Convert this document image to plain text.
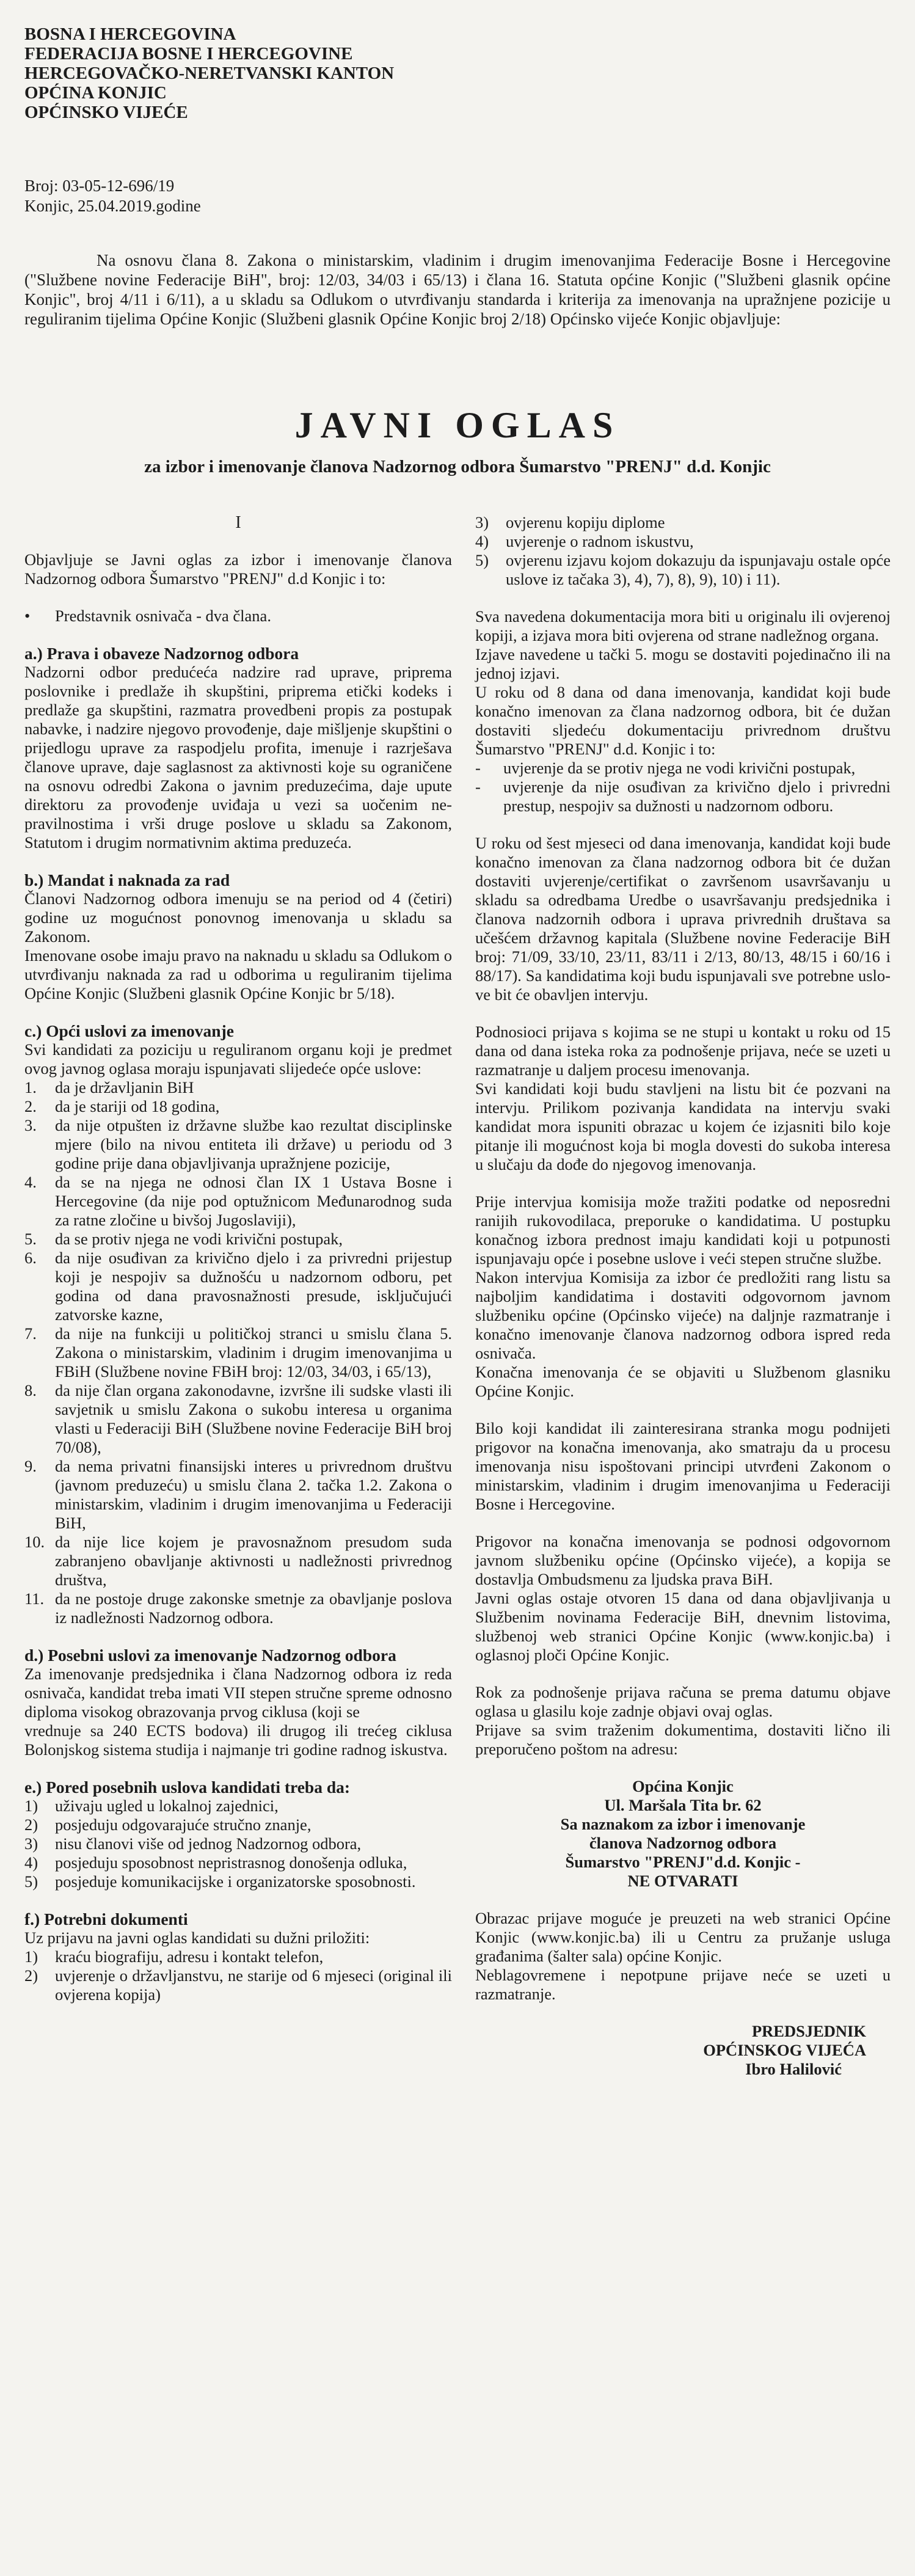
BOSNA I HERCEGOVINA
FEDERACIJA BOSNE I HERCEGOVINE
HERCEGOVAČKO-NERETVANSKI KANTON
OPĆINA KONJIC
OPĆINSKO VIJEĆE
Broj: 03-05-12-696/19
Konjic, 25.04.2019.godine
Na osnovu člana 8. Zakona o ministarskim, vladinim i drugim imenovanjima Federacije Bosne i Hercegovine ("Službene novine Federacije BiH", broj: 12/03, 34/03 i 65/13) i člana 16. Statuta općine Konjic ("Službeni glasnik općine Konjic", broj 4/11 i 6/11), a u skladu sa Odlukom o utvrđivanju standarda i kriterija za imenovanja na upražnjene pozicije u reguliranim tijelima Općine Konjic (Službeni glasnik Općine Konjic broj 2/18) Općinsko vijeće Konjic objavljuje:
JAVNI OGLAS
za izbor i imenovanje članova Nadzornog odbora Šumarstvo "PRENJ" d.d. Konjic
I

Objavljuje se Javni oglas za izbor i imenovanje članova Nadzornog odbora Šumarstvo "PRENJ" d.d Konjic i to:

•	Predstavnik osnivača - dva člana.

a.) Prava i obaveze Nadzornog odbora

Nadzorni odbor predućeća nadzire rad uprave, priprema poslovnike i predlaže ih skupštini, priprema etički kodeks i predlaže ga skupštini, razmatra provedbeni propis za postupak nabavke, i nadzire njegovo provođenje, daje mišljenje skupštini o prijedlogu uprave za raspodjelu profita, imenuje i razrješava članove uprave, daje saglasnost za aktivnosti koje su ograničene na osnovu odredbi Zakona o javnim preduzećima, daje upute direktoru za provođenje uviđaja u vezi sa uočenim nepravilnostima i vrši druge poslove u skladu sa Zakonom, Statutom i drugim normativnim aktima preduzeća.

b.) Mandat i naknada za rad

Članovi Nadzornog odbora imenuju se na period od 4 (četiri) godine uz mogućnost ponovnog imenovanja u skladu sa Zakonom.

Imenovane osobe imaju pravo na naknadu u skladu sa Odlukom o utvrđivanju naknada za rad u odborima u reguliranim tijelima Općine Konjic (Službeni glasnik Općine Konjic br 5/18).

c.) Opći uslovi za imenovanje

Svi kandidati za poziciju u reguliranom organu koji je predmet ovog javnog oglasa moraju ispunjavati slijedeće opće uslove:

1.	da je državljanin BiH
2.	da je stariji od 18 godina,
3.	da nije otpušten iz državne službe kao rezultat disciplinske mjere (bilo na nivou entiteta ili države) u periodu od 3 godine prije dana objavljivanja upražnjene pozicije,
4.	da se na njega ne odnosi član IX 1 Ustava Bosne i Hercegovine (da nije pod optužnicom Međunarodnog suda za ratne zločine u bivšoj Jugoslaviji),
5.	da se protiv njega ne vodi krivični postupak,
6.	da nije osuđivan za krivično djelo i za privredni prijestup koji je nespojiv sa dužnošću u nadzornom odboru, pet godina od dana pravosnažnosti presude, isključujući zatvorske kazne,
7.	da nije na funkciji u političkoj stranci u smislu člana 5. Zakona o ministarskim, vladinim i drugim imenovanjima u FBiH (Službene novine FBiH broj: 12/03, 34/03, i 65/13),
8.	da nije član organa zakonodavne, izvršne ili sudske vlasti ili savjetnik u smislu Zakona o sukobu interesa u organima vlasti u Federaciji BiH (Službene novine Federacije BiH broj 70/08),
9.	da nema privatni finansijski interes u privrednom društvu (javnom preduzeću) u smislu člana 2. tačka 1.2. Zakona o ministarskim, vladinim i drugim imenovanjima u Federaciji BiH,
10. da nije lice kojem je pravosnažnom presudom suda zabranjeno obavljanje aktivnosti u nadležnosti privrednog društva,
11. da ne postoje druge zakonske smetnje za obavljanje poslova iz nadležnosti Nadzornog odbora.

d.) Posebni uslovi za imenovanje Nadzornog odbora

Za imenovanje predsjednika i člana Nadzornog odbora iz reda osnivača, kandidat treba imati VII stepen stručne spreme odnosno diploma visokog obrazovanja prvog ciklusa (koji se

vrednuje sa 240 ECTS bodova) ili drugog ili trećeg ciklusa Bolonjskog sistema studija i najmanje tri godine radnog iskustva.

e.) Pored posebnih uslova kandidati treba da:

1)	uživaju ugled u lokalnoj zajednici,
2)	posjeduju odgovarajuće stručno znanje,
3)	nisu članovi više od jednog Nadzornog odbora,
4)	posjeduju sposobnost nepristrasnog donošenja odluka,
5)	posjeduje komunikacijske i organizatorske sposobnosti.

f.) Potrebni dokumenti

Uz prijavu na javni oglas kandidati su dužni priložiti:

1)	kraću biografiju, adresu i kontakt telefon,
2)	uvjerenje o državljanstvu, ne starije od 6 mjeseci (original ili ovjerena kopija)
3)	ovjerenu kopiju diplome
4)	uvjerenje o radnom iskustvu,
5)	ovjerenu izjavu kojom dokazuju da ispunjavaju ostale opće uslove iz tačaka 3), 4), 7), 8), 9), 10) i 11).

Sva navedena dokumentacija mora biti u originalu ili ovjerenoj kopiji, a izjava mora biti ovjerena od strane nadležnog organa.

Izjave navedene u tački 5. mogu se dostaviti pojedinačno ili na jednoj izjavi.

U roku od 8 dana od dana imenovanja, kandidat koji bude konačno imenovan za člana nadzornog odbora, bit će dužan dostaviti sljedeću dokumentaciju privrednom društvu Šumarstvo "PRENJ" d.d. Konjic i to:

-	uvjerenje da se protiv njega ne vodi krivični postupak,
-	uvjerenje da nije osuđivan za krivično djelo i privredni prestup, nespojiv sa dužnosti u nadzornom odboru.

U roku od šest mjeseci od dana imenovanja, kandidat koji bude konačno imenovan za člana nadzornog odbora bit će dužan dostaviti uvjerenje/certifikat o završenom usavršavanju u skladu sa odredbama Uredbe o usavršavanju predsjednika i članova nadzornih odbora i uprava privrednih društava sa učešćem državnog kapitala (Službene novine Federacije BiH broj: 71/09, 33/10, 23/11, 83/11 i 2/13, 80/13, 48/15 i 60/16 i 88/17). Sa kandidatima koji budu ispunjavali sve potrebne uslove bit će obavljen intervju.

Podnosioci prijava s kojima se ne stupi u kontakt u roku od 15 dana od dana isteka roka za podnošenje prijava, neće se uzeti u razmatranje u daljem procesu imenovanja.

Svi kandidati koji budu stavljeni na listu bit će pozvani na intervju. Prilikom pozivanja kandidata na intervju svaki kandidat mora ispuniti obrazac u kojem će izjasniti bilo koje pitanje ili mogućnost koja bi mogla dovesti do sukoba interesa u slučaju da dođe do njegovog imenovanja.

Prije intervjua komisija može tražiti podatke od neposredni ranijih rukovodilaca, preporuke o kandidatima. U postupku konačnog izbora prednost imaju kandidati koji u potpunosti ispunjavaju opće i posebne uslove i veći stepen stručne službe.

Nakon intervjua Komisija za izbor će predložiti rang listu sa najboljim kandidatima i dostaviti odgovornom javnom službeniku općine (Općinsko vijeće) na daljnje razmatranje i konačno imenovanje članova nadzornog odbora ispred reda osnivača.

Konačna imenovanja će se objaviti u Službenom glasniku Općine Konjic.

Bilo koji kandidat ili zainteresirana stranka mogu podnijeti prigovor na konačna imenovanja, ako smatraju da u procesu imenovanja nisu ispoštovani principi utvrđeni Zakonom o ministarskim, vladinim i drugim imenovanjima u Federaciji Bosne i Hercegovine.

Prigovor na konačna imenovanja se podnosi odgovornom javnom službeniku općine (Općinsko vijeće), a kopija se dostavlja Ombudsmenu za ljudska prava BiH.

Javni oglas ostaje otvoren 15 dana od dana objavljivanja u Službenim novinama Federacije BiH, dnevnim listovima, službenoj web stranici Općine Konjic (www.konjic.ba) i oglasnoj ploči Općine Konjic.

Rok za podnošenje prijava računa se prema datumu objave oglasa u glasilu koje zadnje objavi ovaj oglas.

Prijave sa svim traženim dokumentima, dostaviti lično ili preporučeno poštom na adresu:

Općina Konjic
Ul. Maršala Tita br. 62
Sa naznakom za izbor i imenovanje
članova Nadzornog odbora
Šumarstvo "PRENJ"d.d. Konjic -
NE OTVARATI

Obrazac prijave moguće je preuzeti na web stranici Općine Konjic (www.konjic.ba) ili u Centru za pružanje usluga građanima (šalter sala) općine Konjic.

Neblagovremene i nepotpune prijave neće se uzeti u razmatranje.

PREDSJEDNIK
OPĆINSKOG VIJEĆA
Ibro Halilović
